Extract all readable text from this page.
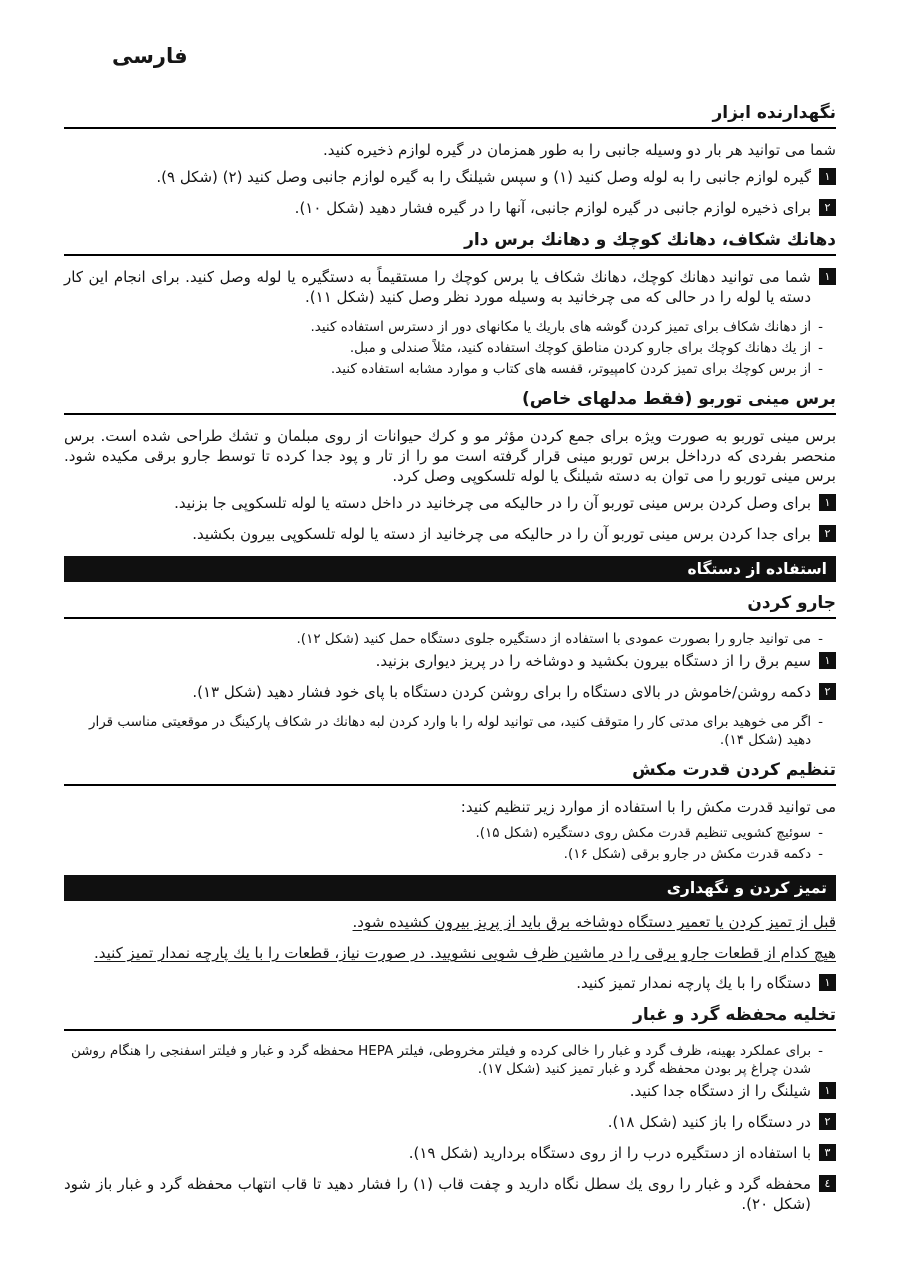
فارسی
نگهدارنده ابزار

شما می توانید هر بار دو وسیله جانبی را به طور همزمان در گیره لوازم ذخیره کنید.

۱
گیره لوازم جانبی را به لوله وصل کنید (۱) و سپس شیلنگ را به گیره لوازم جانبی وصل کنید (۲) (شکل ۹).
۲
برای ذخیره لوازم جانبی در گیره لوازم جانبی، آنها را در گیره فشار دهید (شکل ۱۰).
دهانك شكاف، دهانك كوچك و دهانك برس دار
۱
شما می توانید دهانك کوچك، دهانك شکاف یا برس کوچك را مستقیماً به دستگیره یا لوله وصل کنید. برای انجام این کار دسته یا لوله را در حالی که می چرخانید به وسیله مورد نظر وصل کنید (شکل ۱۱).
-
از دهانك شکاف برای تمیز کردن گوشه های باریك یا مکانهای دور از دسترس استفاده کنید.
-
از یك دهانك کوچك برای جارو کردن مناطق کوچك استفاده کنید، مثلاً صندلی و مبل.
-
از برس کوچك برای تمیز کردن کامپیوتر، قفسه های کتاب و موارد مشابه استفاده کنید.
برس مینی توربو (فقط مدلهای خاص)

برس مینی توربو به صورت ویژه برای جمع کردن مؤثر مو و کرك حیوانات از روی مبلمان و تشك طراحی شده است. برس منحصر بفردی که درداخل برس توربو مینی قرار گرفته است مو را از تار و پود جدا کرده تا توسط جارو برقی مکیده شود. برس مینی توربو را می توان به دسته شیلنگ یا لوله تلسکوپی وصل کرد.

۱
برای وصل کردن برس مینی توربو آن را در حالیکه می چرخانید در داخل دسته یا لوله تلسکوپی جا بزنید.
۲
برای جدا کردن برس مینی توربو آن را در حالیکه می چرخانید از دسته یا لوله تلسکوپی بیرون بکشید.
استفاده از دستگاه
جارو کردن
-
می توانید جارو را بصورت عمودی با استفاده از دستگیره جلوی دستگاه حمل کنید (شکل ۱۲).
۱
سیم برق را از دستگاه بیرون بکشید و دوشاخه را در پریز دیواری بزنید.
۲
دکمه روشن/خاموش در بالای دستگاه را برای روشن کردن دستگاه با پای خود فشار دهید (شکل ۱۳).
-
اگر می خوهید برای مدتی کار را متوقف کنید، می توانید لوله را با وارد کردن لبه دهانك در شکاف پارکینگ در موقعیتی مناسب قرار دهید (شکل ۱۴).
تنظیم کردن قدرت مکش

می توانید قدرت مکش را با استفاده از موارد زیر تنظیم کنید:

-
سوئیچ کشویی تنظیم قدرت مکش روی دستگیره (شکل ۱۵).
-
دکمه قدرت مکش در جارو برقی (شکل ۱۶).
تمیز کردن و نگهداری

قبل از تمیز کردن یا تعمیر دستگاه دوشاخه برق باید از پریز بیرون کشیده شود.

هیچ کدام از قطعات جارو برقی را در ماشین ظرف شویی نشویید. در صورت نیاز، قطعات را با یك پارچه نمدار تمیز کنید.

۱
دستگاه را با یك پارچه نمدار تمیز کنید.
تخلیه محفظه گرد و غبار
-
برای عملکرد بهینه، ظرف گرد و غبار را خالی کرده و فیلتر مخروطی، فیلتر HEPA محفظه گرد و غبار و فیلتر اسفنجی را هنگام روشن شدن چراغ پر بودن محفظه گرد و غبار تمیز کنید (شکل ۱۷).
۱
شیلنگ را از دستگاه جدا کنید.
۲
در دستگاه را باز کنید (شکل ۱۸).
۳
با استفاده از دستگیره درب را از روی دستگاه بردارید (شکل ۱۹).
٤
محفظه گرد و غبار را روی یك سطل نگاه دارید و چفت قاب (۱) را فشار دهید تا قاب انتهاب محفظه گرد و غبار باز شود (شکل ۲۰).
